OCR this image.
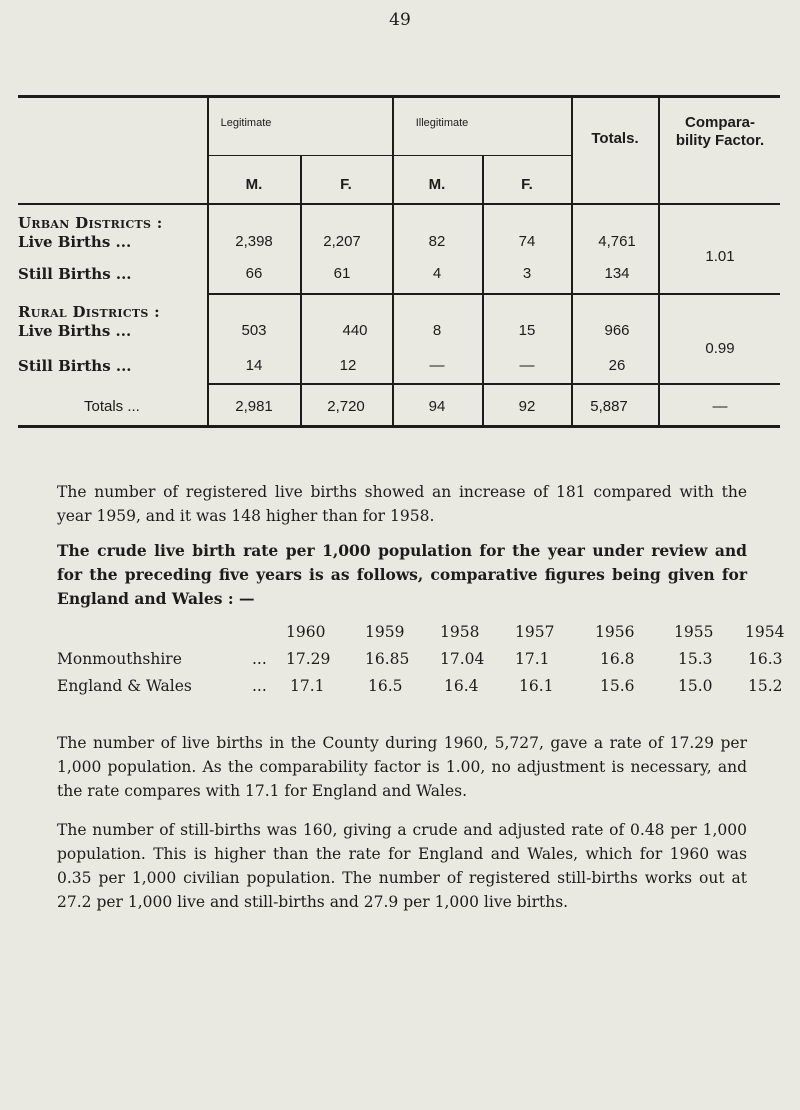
49
Legitimate	Illegitimate
Totals.
Compara- bility Factor.
M.	F.	M.	F.
Urban Districts :
Live Births ...	2,398	2,207	82	74	4,761
Still Births ...	66	61	4	3	134
1.01
Rural Districts :
Live Births ...	503	440	8	15	966
Still Births ...	14	12	—	—	26
0.99
Totals ...	2,981	2,720	94	92	5,887	—
The number of registered live births showed an increase of 181 compared with the year 1959, and it was 148 higher than for 1958.
The crude live birth rate per 1,000 population for the year under review and for the preceding five years is as follows, comparative figures being given for England and Wales : —
1960	1959 1958 1957	1956	1955 1954
Monmouthshire	... 17.29 16.85 17.04 17.1	16.8	15.3 16.3
England & Wales	... 17.1	16.5	16.4	16.1	15.6	15.0 15.2
The number of live births in the County during 1960, 5,727, gave a rate of 17.29 per 1,000 population. As the comparability factor is 1.00, no adjustment is necessary, and the rate compares with 17.1 for England and Wales.
The number of still-births was 160, giving a crude and adjusted rate of 0.48 per 1,000 population. This is higher than the rate for England and Wales, which for 1960 was 0.35 per 1,000 civilian population. The number of registered still-births works out at 27.2 per 1,000 live and still-births and 27.9 per 1,000 live births.
